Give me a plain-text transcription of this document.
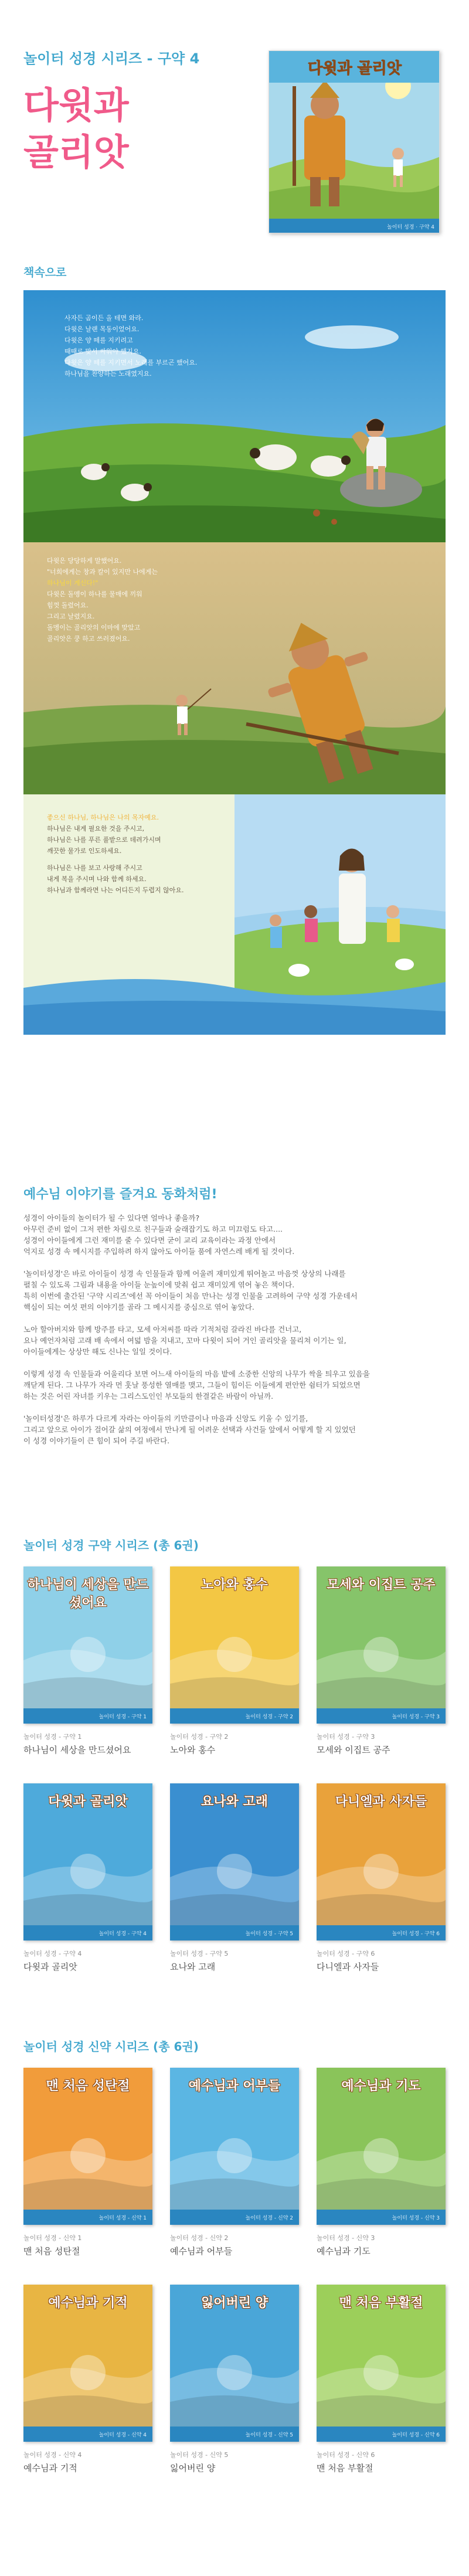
놀이터 성경 시리즈 - 구약 4
다윗과
골리앗
다윗과 골리앗
놀이터 성경 · 구약 4
책속으로
사자든 곰이든 올 테면 와라.
다윗은 날랜 목동이었어요.
다윗은 양 떼를 지키려고
때때로 맞서 싸워야 했지요.
다윗은 양 떼를 지키면서 노래를 부르곤 했어요.
하나님을 찬양하는 노래였지요.
다윗은 당당하게 말했어요.
"너희에게는 창과 칼이 있지만 나에게는
하나님이 계신다!"
다윗은 돌멩이 하나를 물매에 끼워
힘껏 돌렸어요.
그리고 날렸지요.
돌멩이는 골리앗의 이마에 맞았고
골리앗은 쿵 하고 쓰러졌어요.
좋으신 하나님, 하나님은 나의 목자예요.
하나님은 내게 필요한 것을 주시고,
하나님은 나를 푸른 풀밭으로 데려가시며
깨끗한 물가로 인도하세요.
하나님은 나를 보고 사랑해 주시고
내게 복을 주시며 나와 함께 하세요.
하나님과 함께라면 나는 어디든지 두렵지 않아요.
예수님 이야기를 즐겨요 동화처럼!

성경이 아이들의 놀이터가 될 수 있다면 얼마나 좋을까?
아무런 준비 없이 그저 편한 차림으로 친구들과 술래잡기도 하고 미끄럼도 타고....
성경이 아이들에게 그런 재미를 줄 수 있다면 굳이 교리 교육이라는 과정 안에서
억지로 성경 속 메시지를 주입하려 하지 않아도 아이들 품에 자연스레 배게 될 것이다.

'놀이터성경'은 바로 아이들이 성경 속 인물들과 함께 어울려 재미있게 뛰어놀고 마음껏 상상의 나래를
펼칠 수 있도록 그림과 내용을 아이들 눈높이에 맞춰 쉽고 재미있게 엮어 놓은 책이다.
특히 이번에 출간된 '구약 시리즈'에선 꼭 아이들이 처음 만나는 성경 인물을 고려하여 구약 성경 가운데서
핵심이 되는 여섯 편의 이야기를 골라 그 메시지를 중심으로 엮어 놓았다.

노아 할아버지와 함께 방주를 타고, 모세 아저씨를 따라 기적처럼 갈라진 바다를 건너고,
요나 예언자처럼 고래 배 속에서 여덟 밤을 지내고, 꼬마 다윗이 되어 거인 골리앗을 물리쳐 이기는 일,
아이들에게는 상상만 해도 신나는 일일 것이다.

이렇게 성경 속 인물들과 어울리다 보면 어느새 아이들의 마음 밭에 소중한 신앙의 나무가 싹을 틔우고 있음을
깨닫게 된다. 그 나무가 자라 먼 훗날 풍성한 열매를 맺고, 그들이 힘이든 이들에게 편안한 쉼터가 되었으면
하는 것은 어린 자녀를 키우는 그리스도인인 부모들의 한결같은 바람이 아닐까.

'놀이터성경'은 하루가 다르게 자라는 아이들의 키만큼이나 마음과 신앙도 키울 수 있기를,
그리고 앞으로 아이가 걸어갈 삶의 여정에서 만나게 될 어려운 선택과 사건들 앞에서 어떻게 할 지 있었던
이 성경 이야기들이 큰 힘이 되어 주길 바란다.

놀이터 성경 구약 시리즈 (총 6권)
하나님이 세상을 만드셨어요
놀이터 성경 - 구약 1
놀이터 성경 - 구약 1
하나님이 세상을 만드셨어요
노아와 홍수
놀이터 성경 - 구약 2
놀이터 성경 - 구약 2
노아와 홍수
모세와 이집트 공주
놀이터 성경 - 구약 3
놀이터 성경 - 구약 3
모세와 이집트 공주
다윗과 골리앗
놀이터 성경 - 구약 4
놀이터 성경 - 구약 4
다윗과 골리앗
요나와 고래
놀이터 성경 - 구약 5
놀이터 성경 - 구약 5
요나와 고래
다니엘과 사자들
놀이터 성경 - 구약 6
놀이터 성경 - 구약 6
다니엘과 사자들
놀이터 성경 신약 시리즈 (총 6권)
맨 처음 성탄절
놀이터 성경 - 신약 1
놀이터 성경 - 신약 1
맨 처음 성탄절
예수님과 어부들
놀이터 성경 - 신약 2
놀이터 성경 - 신약 2
예수님과 어부들
예수님과 기도
놀이터 성경 - 신약 3
놀이터 성경 - 신약 3
예수님과 기도
예수님과 기적
놀이터 성경 - 신약 4
놀이터 성경 - 신약 4
예수님과 기적
잃어버린 양
놀이터 성경 - 신약 5
놀이터 성경 - 신약 5
잃어버린 양
맨 처음 부활절
놀이터 성경 - 신약 6
놀이터 성경 - 신약 6
맨 처음 부활절
